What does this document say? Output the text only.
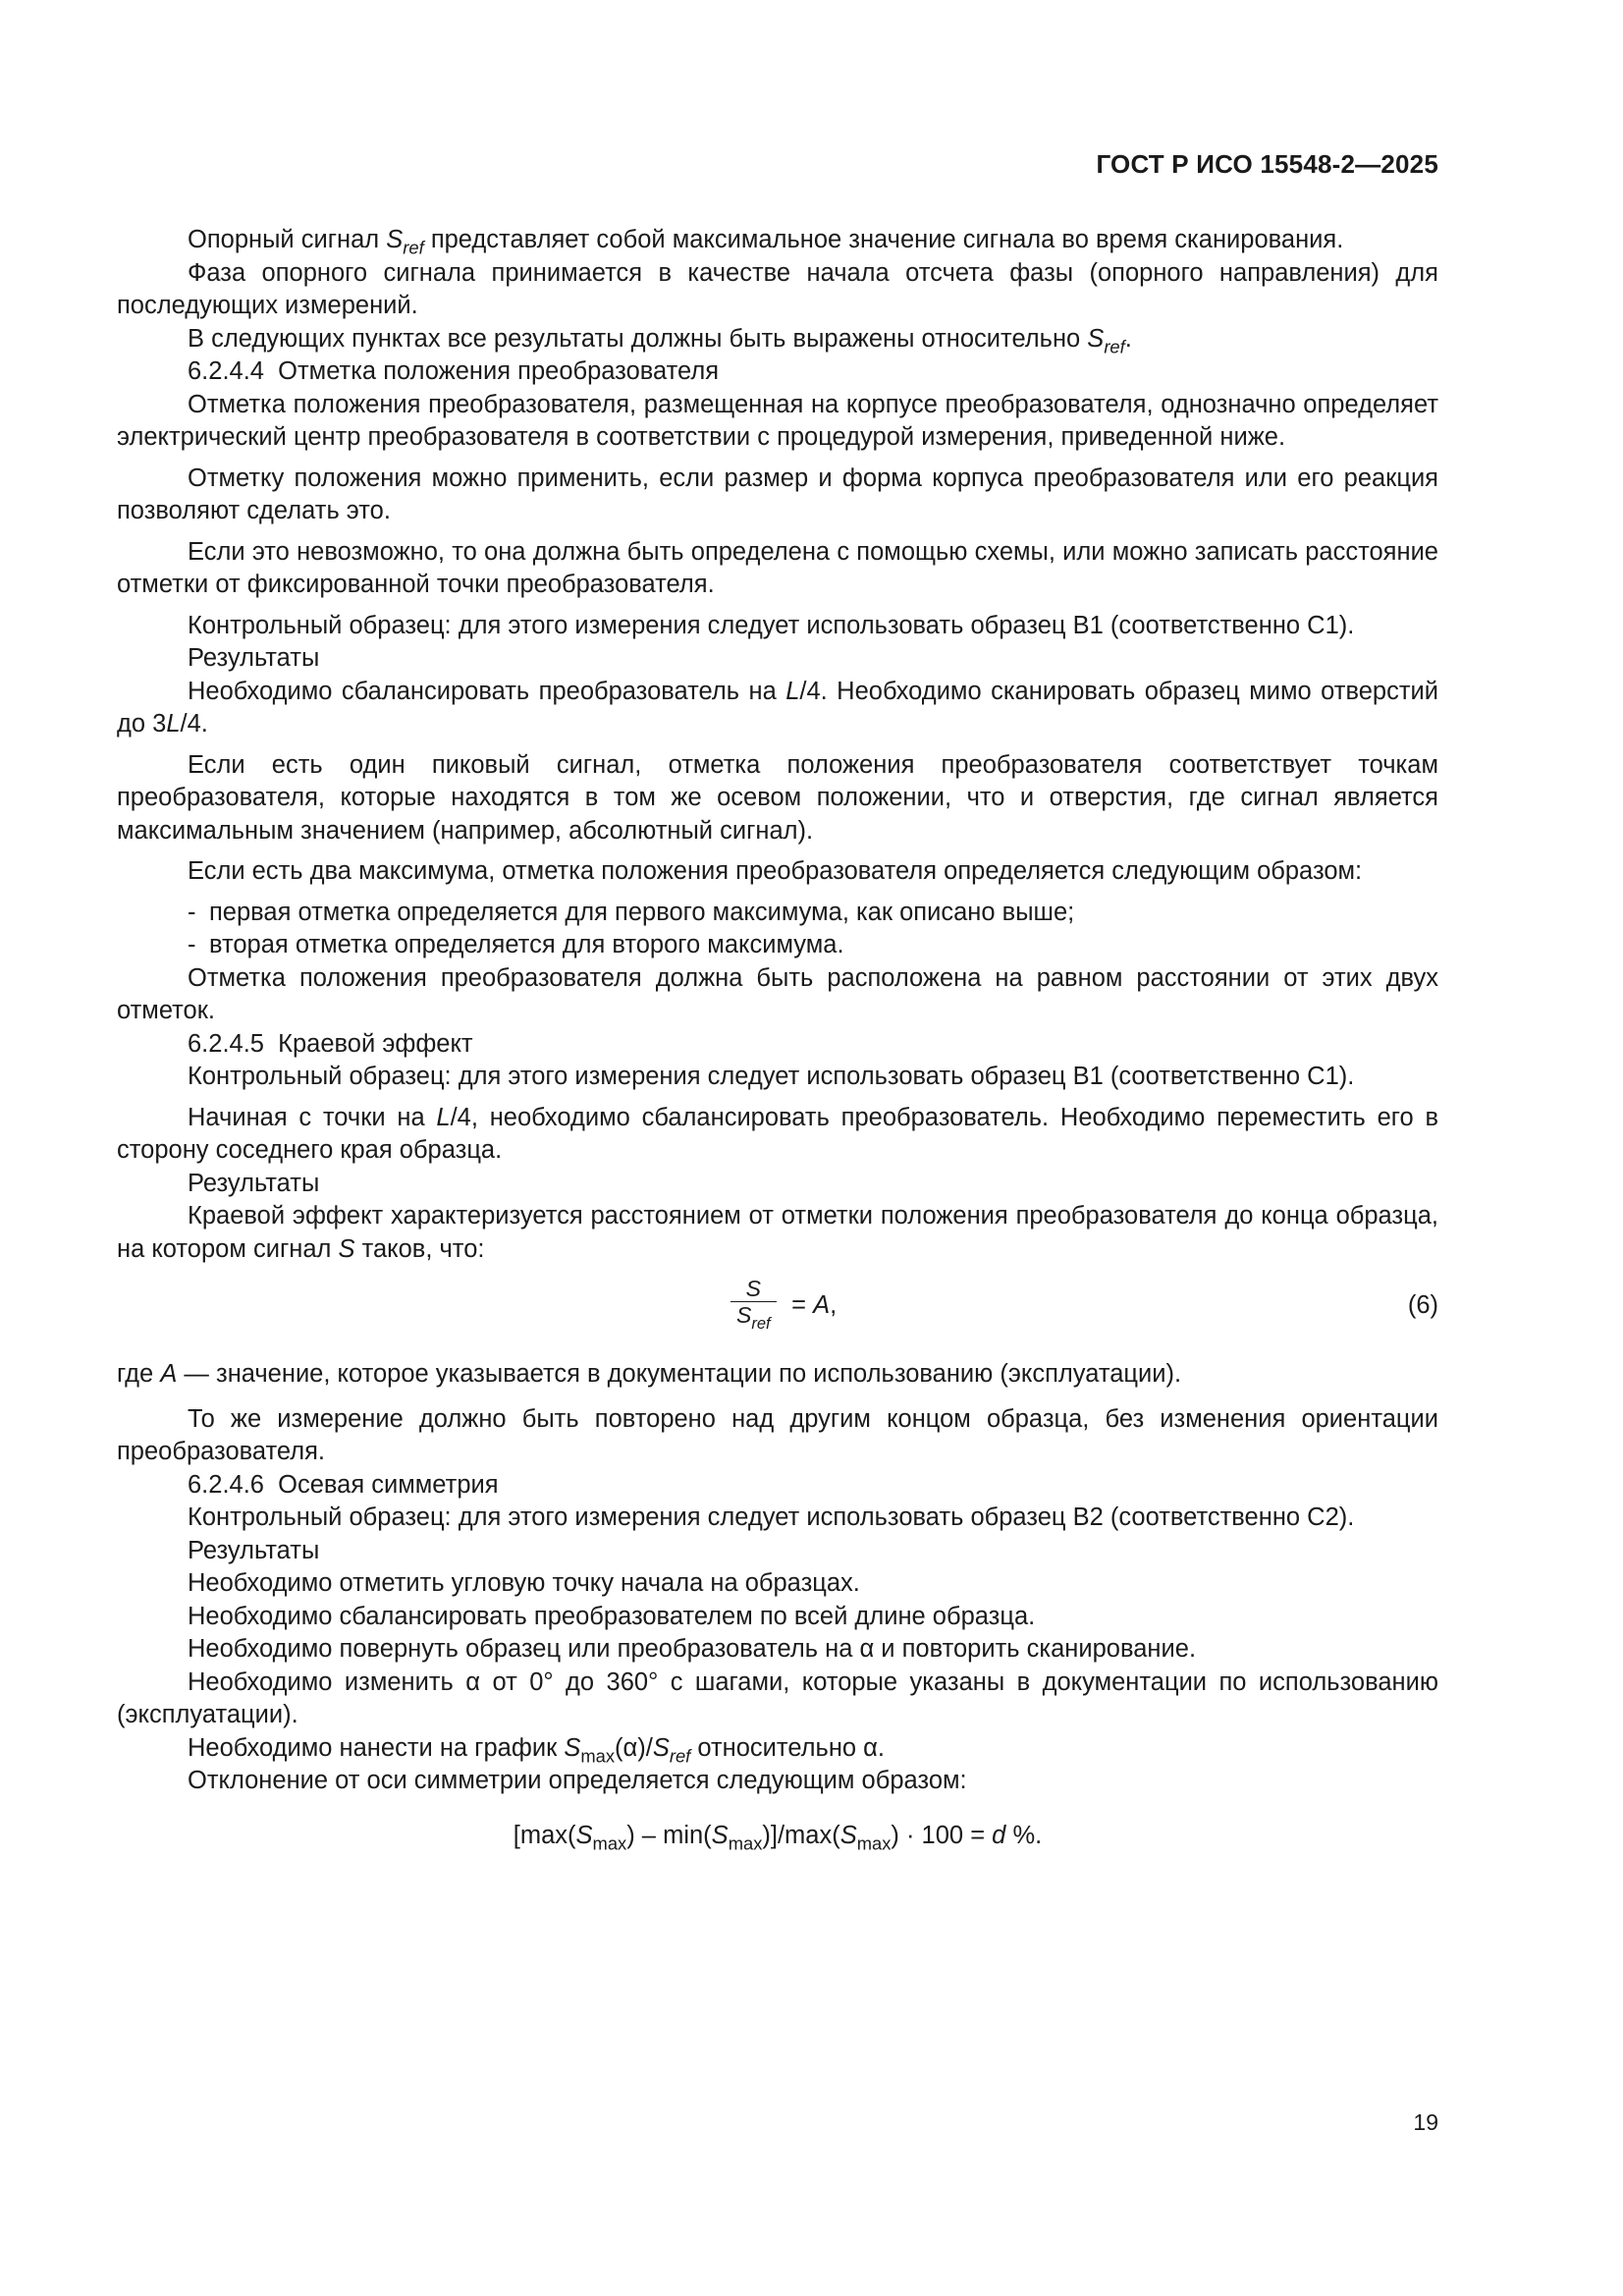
ГОСТ Р ИСО 15548-2—2025

Опорный сигнал $S_{ref}$ представляет собой максимальное значение сигнала во время сканирования.

Фаза опорного сигнала принимается в качестве начала отсчета фазы (опорного направления) для последующих измерений.

В следующих пунктах все результаты должны быть выражены относительно $S_{ref}$.

6.2.4.4  Отметка положения преобразователя

Отметка положения преобразователя, размещенная на корпусе преобразователя, однозначно определяет электрический центр преобразователя в соответствии с процедурой измерения, приведенной ниже.

Отметку положения можно применить, если размер и форма корпуса преобразователя или его реакция позволяют сделать это.

Если это невозможно, то она должна быть определена с помощью схемы, или можно записать расстояние отметки от фиксированной точки преобразователя.

Контрольный образец: для этого измерения следует использовать образец В1 (соответственно С1).

Результаты

Необходимо сбалансировать преобразователь на L/4. Необходимо сканировать образец мимо отверстий до 3L/4.

Если есть один пиковый сигнал, отметка положения преобразователя соответствует точкам преобразователя, которые находятся в том же осевом положении, что и отверстия, где сигнал является максимальным значением (например, абсолютный сигнал).

Если есть два максимума, отметка положения преобразователя определяется следующим образом:

- первая отметка определяется для первого максимума, как описано выше;

- вторая отметка определяется для второго максимума.

Отметка положения преобразователя должна быть расположена на равном расстоянии от этих двух отметок.

6.2.4.5  Краевой эффект

Контрольный образец: для этого измерения следует использовать образец В1 (соответственно С1).

Начиная с точки на L/4, необходимо сбалансировать преобразователь. Необходимо переместить его в сторону соседнего края образца.

Результаты

Краевой эффект характеризуется расстоянием от отметки положения преобразователя до конца образца, на котором сигнал S таков, что:

S
$S_{ref}$
= A,	(6)

где A — значение, которое указывается в документации по использованию (эксплуатации).

То же измерение должно быть повторено над другим концом образца, без изменения ориентации преобразователя.

6.2.4.6  Осевая симметрия

Контрольный образец: для этого измерения следует использовать образец В2 (соответственно С2).

Результаты

Необходимо отметить угловую точку начала на образцах.

Необходимо сбалансировать преобразователем по всей длине образца.

Необходимо повернуть образец или преобразователь на α и повторить сканирование.

Необходимо изменить α от 0° до 360° с шагами, которые указаны в документации по использованию (эксплуатации).

Необходимо нанести на график $S_{max}(\alpha)/S_{ref}$ относительно α.

Отклонение от оси симметрии определяется следующим образом:

$[\max(S_{max}) - \min(S_{max})]/\max(S_{max}) \cdot 100 = d$ %.

19
